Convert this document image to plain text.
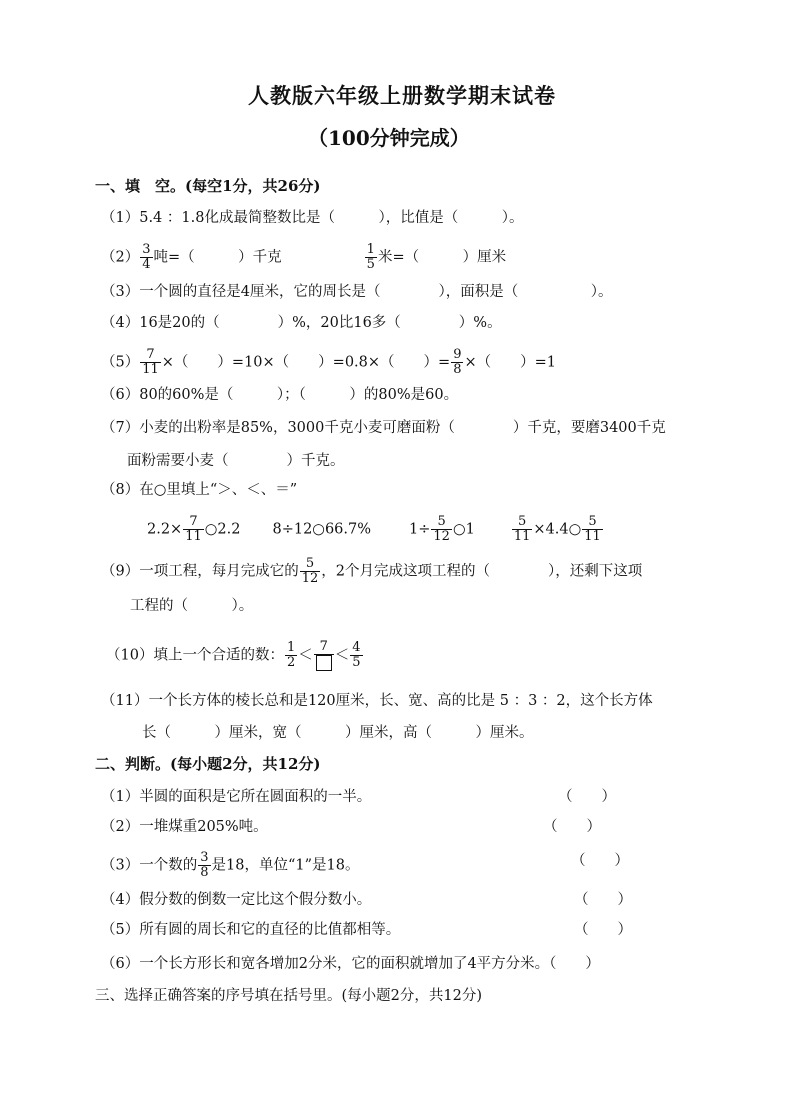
人教版六年级上册数学期末试卷
（100分钟完成）
一、填　空。(每空1分，共26分)
（1）5.4 ：1.8化成最简整数比是（　　　），比值是（　　　）。
$(2) \frac{3}{4}$ 吨=（　　　）千克	$\frac{1}{5}$ 米=（　　　）厘米
（3）一个圆的直径是4厘米，它的周长是（　　　　），面积是（　　　　　）。
（4）16是20的（　　　　）%，20比16多（　　　　）%。
$(5) \frac{7}{11}$ ×（　　）=10×（　　）=0.8×（　　）= $\frac{9}{8}$ ×（　　）=1
（6）80的60%是（　　　）；（　　　）的80%是60。
（7）小麦的出粉率是85%，3000千克小麦可磨面粉（　　　　）千克，要磨3400千克
面粉需要小麦（　　　　）千克。
（8）在○里填上“＞、＜、＝”
$2.2\times \frac{7}{11}$ ○2.2 8÷12○66.7%	$1\div \frac{5}{12}$ ○1	$\frac{5}{11}$ ×4.4○ $\frac{5}{11}$
（9）一项工程，每月完成它的 $\frac{5}{12}$ ，2个月完成这项工程的（　　　　），还剩下这项
工程的（　　　）。
（10）填上一个合适的数： $\frac{1}{2}$ ＜
7
＜ $\frac{4}{5}$
（11）一个长方体的棱长总和是120厘米，长、宽、高的比是 5 ：3 ：2，这个长方体
长（　　　）厘米，宽（　　　）厘米，高（　　　）厘米。
二、判断。(每小题2分，共12分)
（1）半圆的面积是它所在圆面积的一半。	（　　）
（2）一堆煤重205%吨。	（　　）
（3）一个数的 $\frac{3}{8}$ 是18，单位“1”是18。	（　　）
（4）假分数的倒数一定比这个假分数小。	（　　）
（5）所有圆的周长和它的直径的比值都相等。	（　　）
（6）一个长方形长和宽各增加2分米，它的面积就增加了4平方分米。（　　）
三、选择正确答案的序号填在括号里。(每小题2分，共12分)
